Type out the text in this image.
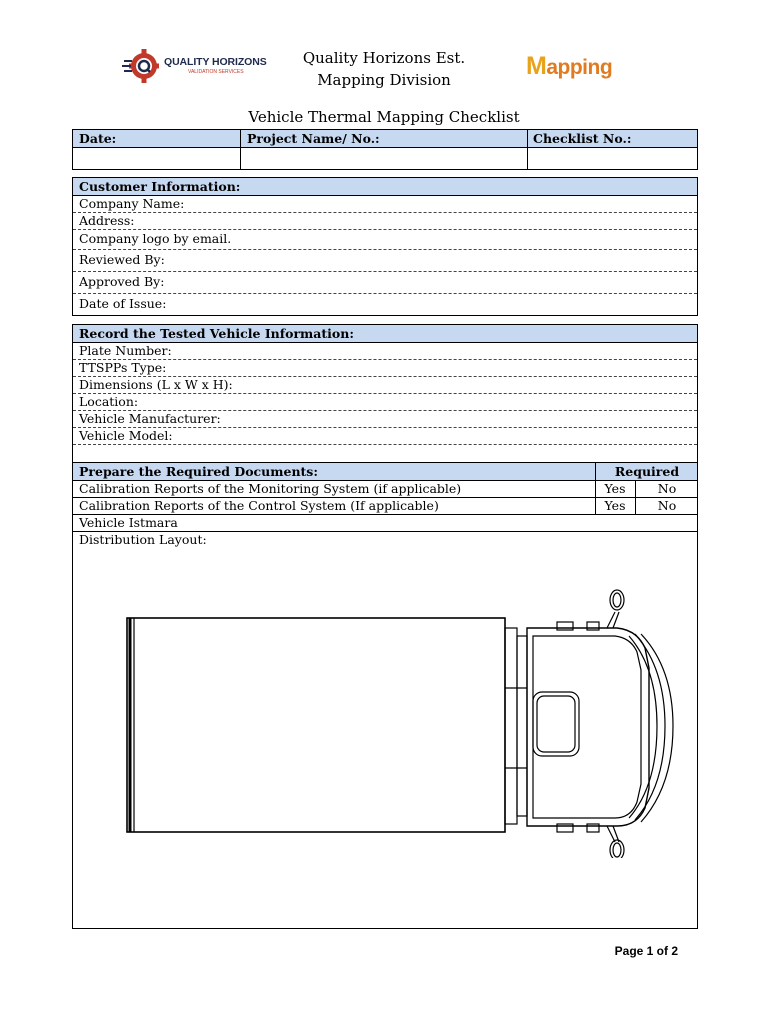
QUALITY HORIZONS
VALIDATION SERVICES
Quality Horizons Est.
Mapping Division	Mapping
Vehicle Thermal Mapping Checklist
Date:	Project Name/ No.:	Checklist No.:
Customer Information:
Company Name:
Address:
Company logo by email.
Reviewed By:
Approved By:
Date of Issue:
Record the Tested Vehicle Information:
Plate Number:
TTSPPs Type:
Dimensions (L x W x H):
Location:
Vehicle Manufacturer:
Vehicle Model:
Prepare the Required Documents:	Required
Calibration Reports of the Monitoring System (if applicable)	Yes	No
Calibration Reports of the Control System (If applicable)	Yes	No
Vehicle Istmara
Distribution Layout:
Page 1 of 2
